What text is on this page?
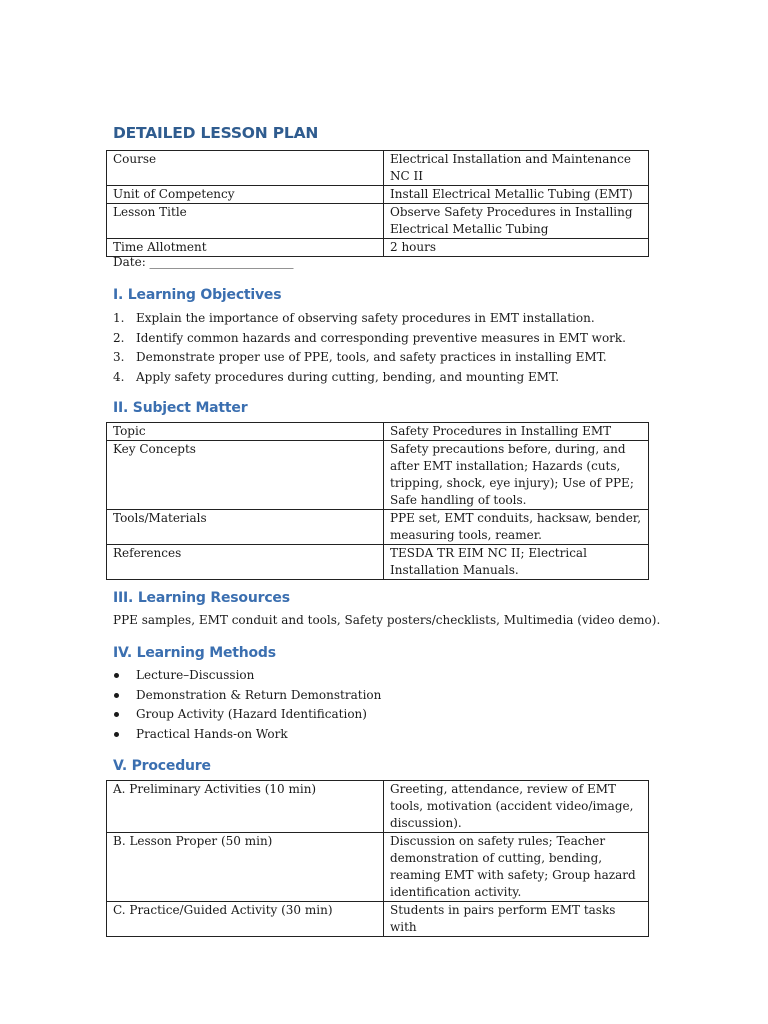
DETAILED LESSON PLAN
Course	Electrical Installation and Maintenance NC II
Unit of Competency	Install Electrical Metallic Tubing (EMT)
Lesson Title	Observe Safety Procedures in Installing Electrical Metallic Tubing
Time Allotment	2 hours
Date: ________________________
I. Learning Objectives
1. Explain the importance of observing safety procedures in EMT installation.
2. Identify common hazards and corresponding preventive measures in EMT work.
3. Demonstrate proper use of PPE, tools, and safety practices in installing EMT.
4. Apply safety procedures during cutting, bending, and mounting EMT.
II. Subject Matter
Topic	Safety Procedures in Installing EMT
Key Concepts	Safety precautions before, during, and after EMT installation; Hazards (cuts, tripping, shock, eye injury); Use of PPE; Safe handling of tools.
Tools/Materials	PPE set, EMT conduits, hacksaw, bender, measuring tools, reamer.
References	TESDA TR EIM NC II; Electrical Installation Manuals.
III. Learning Resources
PPE samples, EMT conduit and tools, Safety posters/checklists, Multimedia (video demo).
IV. Learning Methods
Lecture–Discussion
Demonstration & Return Demonstration
Group Activity (Hazard Identification)
Practical Hands-on Work
V. Procedure
A. Preliminary Activities (10 min)	Greeting, attendance, review of EMT tools, motivation (accident video/image, discussion).
B. Lesson Proper (50 min)	Discussion on safety rules; Teacher demonstration of cutting, bending, reaming EMT with safety; Group hazard identification activity.
C. Practice/Guided Activity (30 min)	Students in pairs perform EMT tasks with
